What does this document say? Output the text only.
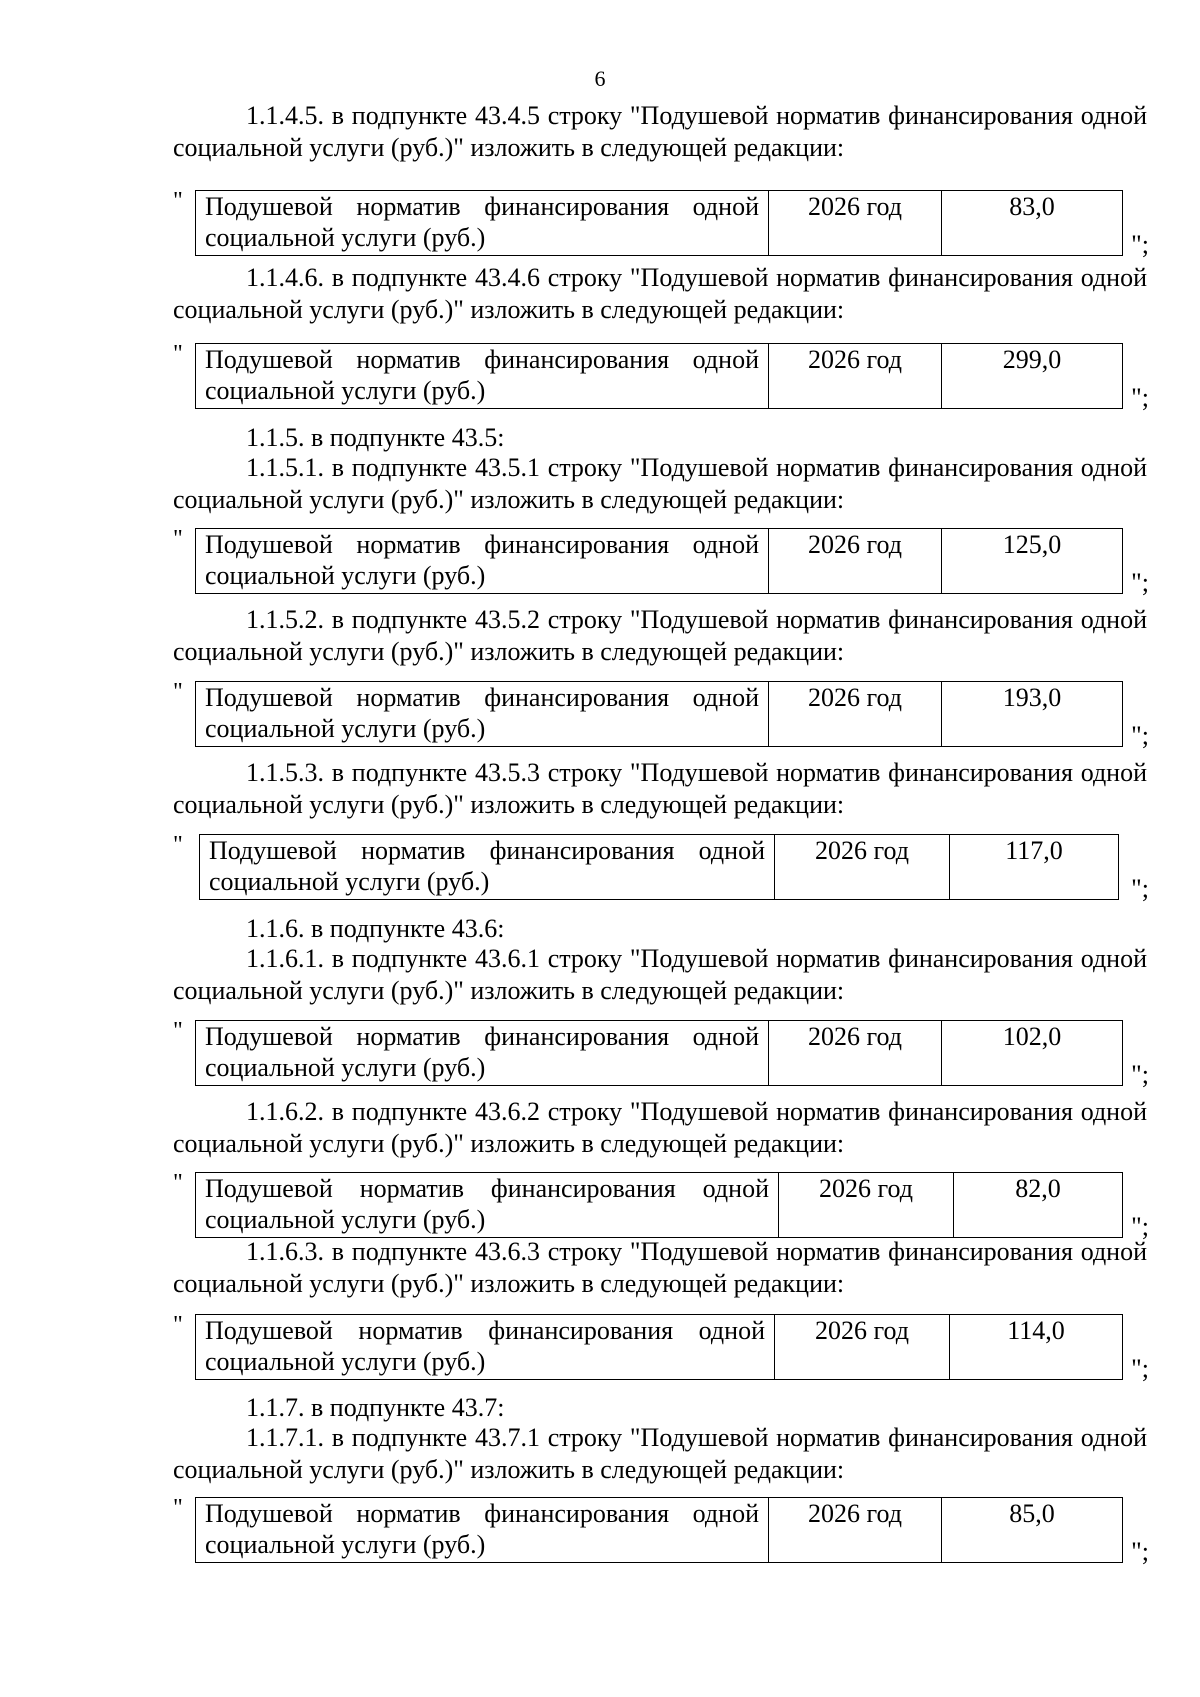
6

1.1.4.5. в подпункте 43.4.5 строку "Подушевой норматив финансирования одной социальной услуги (руб.)" изложить в следующей редакции:

" Подушевой норматив финансирования одной социальной услуги (руб.)	2026 год	83,0
";

1.1.4.6. в подпункте 43.4.6 строку "Подушевой норматив финансирования одной социальной услуги (руб.)" изложить в следующей редакции:

" Подушевой норматив финансирования одной социальной услуги (руб.)	2026 год	299,0
";

1.1.5. в подпункте 43.5:

1.1.5.1. в подпункте 43.5.1 строку "Подушевой норматив финансирования одной социальной услуги (руб.)" изложить в следующей редакции:

" Подушевой норматив финансирования одной социальной услуги (руб.)	2026 год	125,0
";

1.1.5.2. в подпункте 43.5.2 строку "Подушевой норматив финансирования одной социальной услуги (руб.)" изложить в следующей редакции:

" Подушевой норматив финансирования одной социальной услуги (руб.)	2026 год	193,0
";

1.1.5.3. в подпункте 43.5.3 строку "Подушевой норматив финансирования одной социальной услуги (руб.)" изложить в следующей редакции:

" Подушевой норматив финансирования одной социальной услуги (руб.)	2026 год	117,0
";

1.1.6. в подпункте 43.6:

1.1.6.1. в подпункте 43.6.1 строку "Подушевой норматив финансирования одной социальной услуги (руб.)" изложить в следующей редакции:

" Подушевой норматив финансирования одной социальной услуги (руб.)	2026 год	102,0
";

1.1.6.2. в подпункте 43.6.2 строку "Подушевой норматив финансирования одной социальной услуги (руб.)" изложить в следующей редакции:

" Подушевой норматив финансирования одной социальной услуги (руб.)	2026 год	82,0
";

1.1.6.3. в подпункте 43.6.3 строку "Подушевой норматив финансирования одной социальной услуги (руб.)" изложить в следующей редакции:

" Подушевой норматив финансирования одной социальной услуги (руб.)	2026 год	114,0
";

1.1.7. в подпункте 43.7:

1.1.7.1. в подпункте 43.7.1 строку "Подушевой норматив финансирования одной социальной услуги (руб.)" изложить в следующей редакции:

" Подушевой норматив финансирования одной социальной услуги (руб.)	2026 год	85,0
";
